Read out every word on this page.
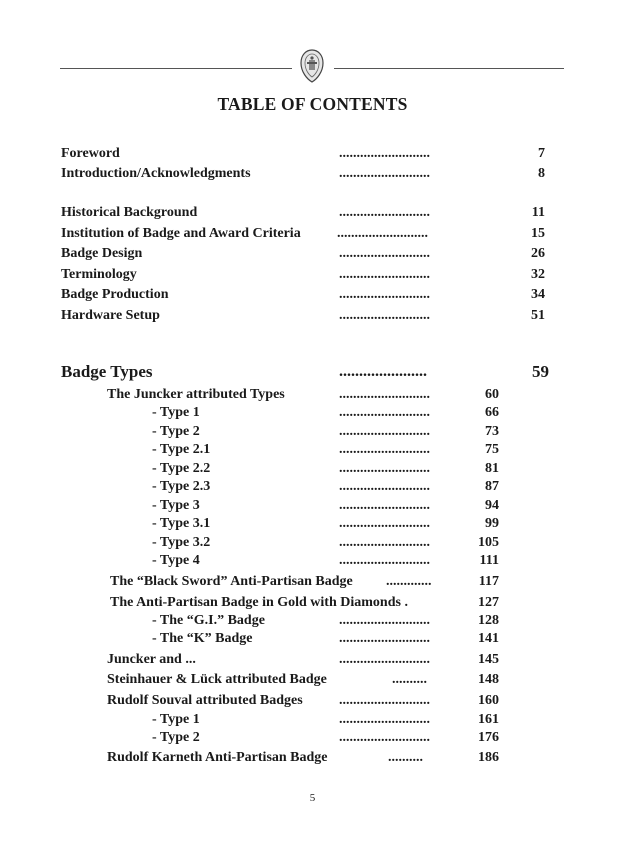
TABLE OF CONTENTS
Foreword	..........................	7
Introduction/Acknowledgments	..........................	8
Historical Background	..........................	11
Institution of Badge and Award Criteria	..........................	15
Badge Design	..........................	26
Terminology	..........................	32
Badge Production	..........................	34
Hardware Setup	..........................	51
Badge Types	......................	59
The Juncker attributed Types	..........................	60
- Type 1	..........................	66
- Type 2	..........................	73
- Type 2.1	..........................	75
- Type 2.2	..........................	81
- Type 2.3	..........................	87
- Type 3	..........................	94
- Type 3.1	..........................	99
- Type 3.2	..........................	105
- Type 4	..........................	111
The “Black Sword” Anti-Partisan Badge .............	117
The Anti-Partisan Badge in Gold with Diamonds .	127
- The “G.I.” Badge	..........................	128
- The “K” Badge	..........................	141
Juncker and ...	..........................	145
Steinhauer & Lück attributed Badge	..........	148
Rudolf Souval attributed Badges	..........................	160
- Type 1	..........................	161
- Type 2	..........................	176
Rudolf Karneth Anti-Partisan Badge	..........	186
5
